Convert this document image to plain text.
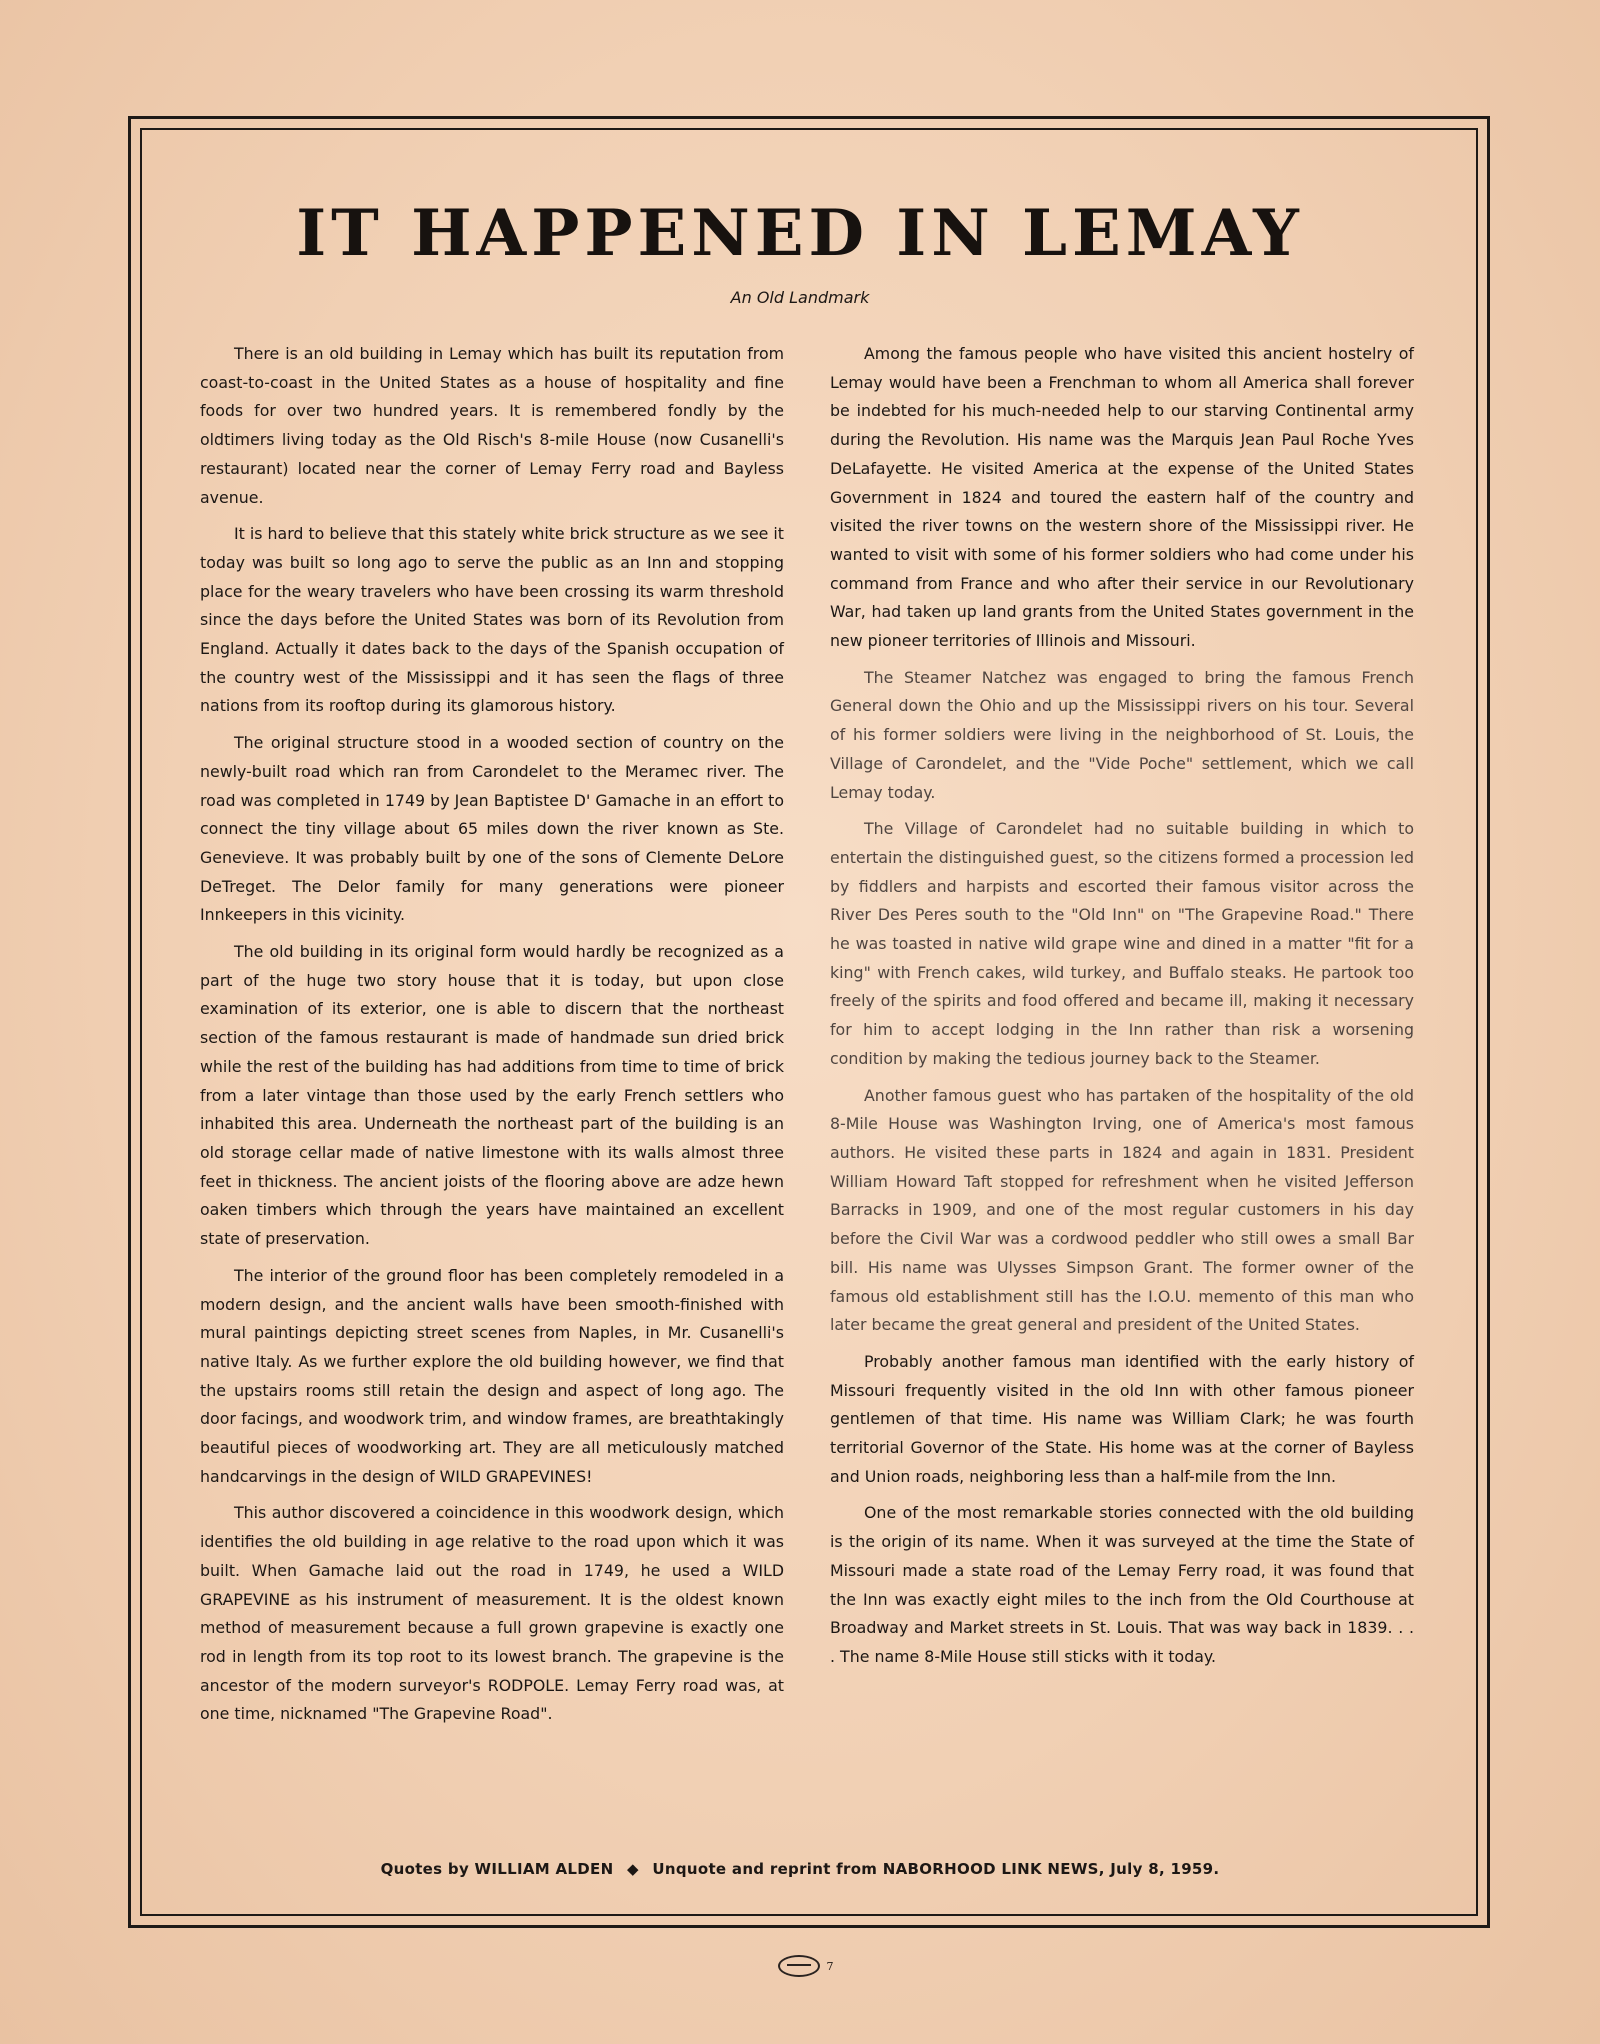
IT HAPPENED IN LEMAY
An Old Landmark

There is an old building in Lemay which has built its reputation from coast-to-coast in the United States as a house of hospitality and fine foods for over two hundred years. It is remembered fondly by the oldtimers living today as the Old Risch's 8-mile House (now Cusanelli's restaurant) located near the corner of Lemay Ferry road and Bayless avenue.

It is hard to believe that this stately white brick structure as we see it today was built so long ago to serve the public as an Inn and stopping place for the weary travelers who have been crossing its warm threshold since the days before the United States was born of its Revolution from England. Actually it dates back to the days of the Spanish occupation of the country west of the Mississippi and it has seen the flags of three nations from its rooftop during its glamorous history.

The original structure stood in a wooded section of country on the newly-built road which ran from Carondelet to the Meramec river. The road was completed in 1749 by Jean Baptistee D' Gamache in an effort to connect the tiny village about 65 miles down the river known as Ste. Genevieve. It was probably built by one of the sons of Clemente DeLore DeTreget. The Delor family for many generations were pioneer Innkeepers in this vicinity.

The old building in its original form would hardly be recognized as a part of the huge two story house that it is today, but upon close examination of its exterior, one is able to discern that the northeast section of the famous restaurant is made of handmade sun dried brick while the rest of the building has had additions from time to time of brick from a later vintage than those used by the early French settlers who inhabited this area. Underneath the northeast part of the building is an old storage cellar made of native limestone with its walls almost three feet in thickness. The ancient joists of the flooring above are adze hewn oaken timbers which through the years have maintained an excellent state of preservation.

The interior of the ground floor has been completely remodeled in a modern design, and the ancient walls have been smooth-finished with mural paintings depicting street scenes from Naples, in Mr. Cusanelli's native Italy. As we further explore the old building however, we find that the upstairs rooms still retain the design and aspect of long ago. The door facings, and woodwork trim, and window frames, are breathtakingly beautiful pieces of woodworking art. They are all meticulously matched handcarvings in the design of WILD GRAPEVINES!

This author discovered a coincidence in this woodwork design, which identifies the old building in age relative to the road upon which it was built. When Gamache laid out the road in 1749, he used a WILD GRAPEVINE as his instrument of measurement. It is the oldest known method of measurement because a full grown grapevine is exactly one rod in length from its top root to its lowest branch. The grapevine is the ancestor of the modern surveyor's RODPOLE. Lemay Ferry road was, at one time, nicknamed "The Grapevine Road".

Among the famous people who have visited this ancient hostelry of Lemay would have been a Frenchman to whom all America shall forever be indebted for his much-needed help to our starving Continental army during the Revolution. His name was the Marquis Jean Paul Roche Yves DeLafayette. He visited America at the expense of the United States Government in 1824 and toured the eastern half of the country and visited the river towns on the western shore of the Mississippi river. He wanted to visit with some of his former soldiers who had come under his command from France and who after their service in our Revolutionary War, had taken up land grants from the United States government in the new pioneer territories of Illinois and Missouri.

The Steamer Natchez was engaged to bring the famous French General down the Ohio and up the Mississippi rivers on his tour. Several of his former soldiers were living in the neighborhood of St. Louis, the Village of Carondelet, and the "Vide Poche" settlement, which we call Lemay today.

The Village of Carondelet had no suitable building in which to entertain the distinguished guest, so the citizens formed a procession led by fiddlers and harpists and escorted their famous visitor across the River Des Peres south to the "Old Inn" on "The Grapevine Road." There he was toasted in native wild grape wine and dined in a matter "fit for a king" with French cakes, wild turkey, and Buffalo steaks. He partook too freely of the spirits and food offered and became ill, making it necessary for him to accept lodging in the Inn rather than risk a worsening condition by making the tedious journey back to the Steamer.

Another famous guest who has partaken of the hospitality of the old 8-Mile House was Washington Irving, one of America's most famous authors. He visited these parts in 1824 and again in 1831. President William Howard Taft stopped for refreshment when he visited Jefferson Barracks in 1909, and one of the most regular customers in his day before the Civil War was a cordwood peddler who still owes a small Bar bill. His name was Ulysses Simpson Grant. The former owner of the famous old establishment still has the I.O.U. memento of this man who later became the great general and president of the United States.

Probably another famous man identified with the early history of Missouri frequently visited in the old Inn with other famous pioneer gentlemen of that time. His name was William Clark; he was fourth territorial Governor of the State. His home was at the corner of Bayless and Union roads, neighboring less than a half-mile from the Inn.

One of the most remarkable stories connected with the old building is the origin of its name. When it was surveyed at the time the State of Missouri made a state road of the Lemay Ferry road, it was found that the Inn was exactly eight miles to the inch from the Old Courthouse at Broadway and Market streets in St. Louis. That was way back in 1839. . . . The name 8-Mile House still sticks with it today.

Quotes by WILLIAM ALDEN ◆ Unquote and reprint from NABORHOOD LINK NEWS, July 8, 1959.
7
